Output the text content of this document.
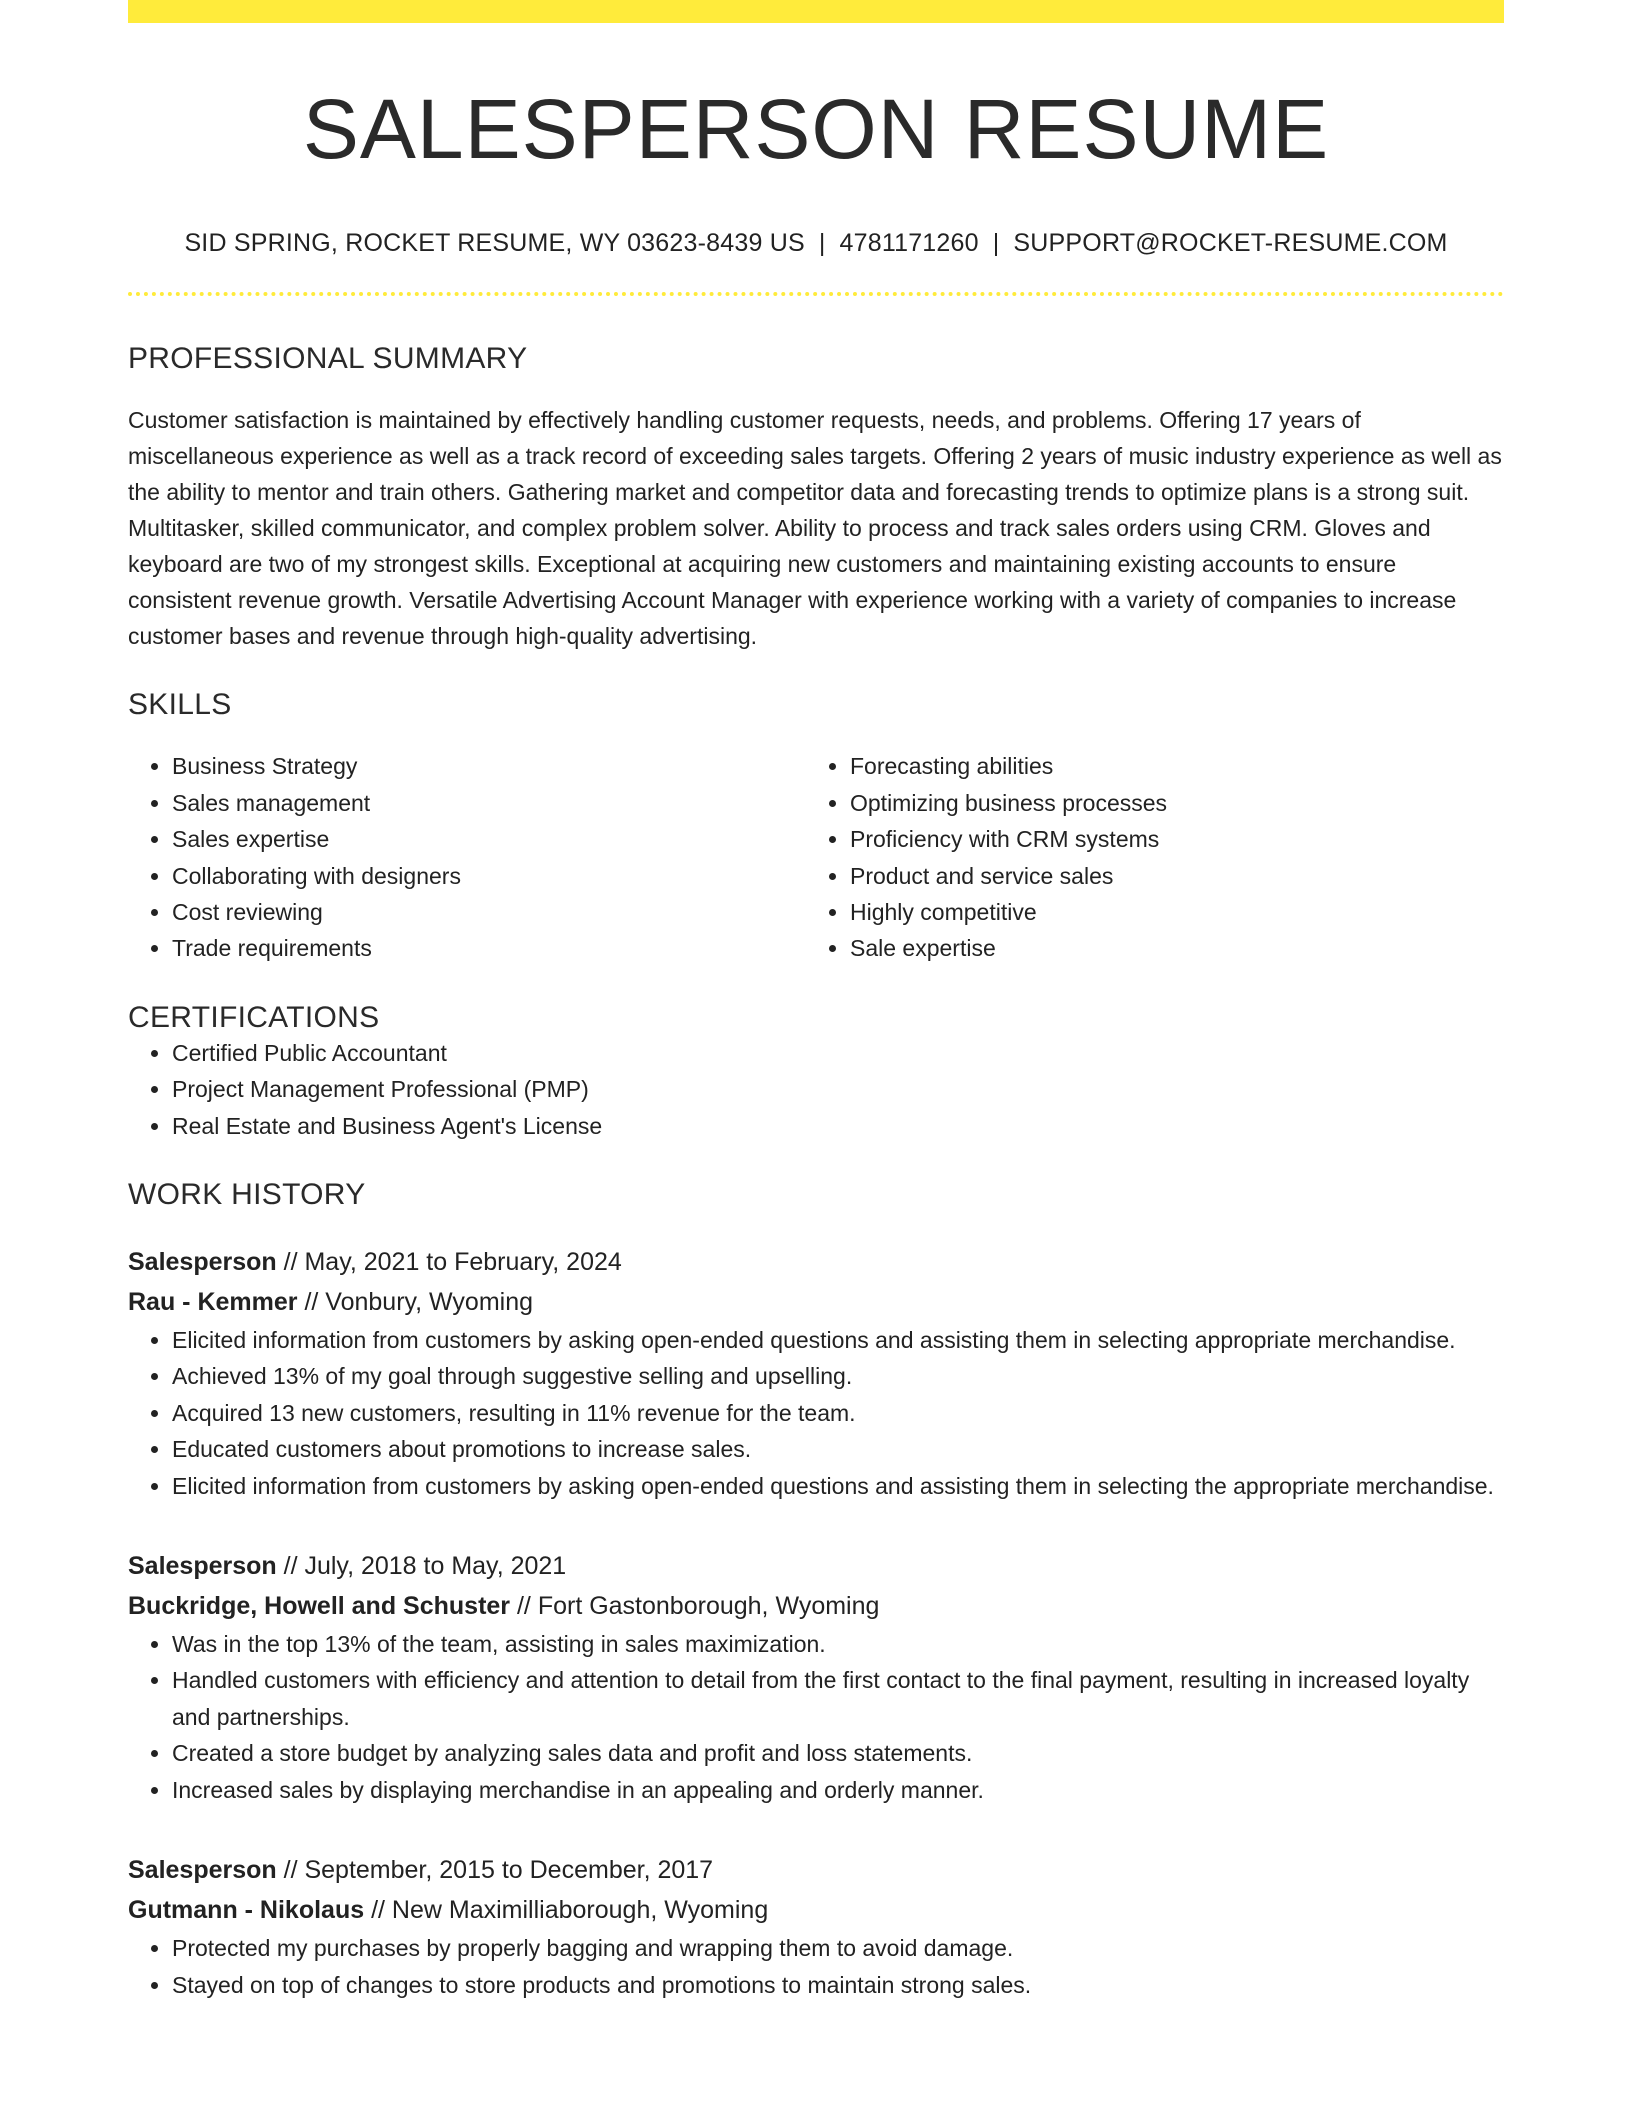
SALESPERSON RESUME
SID SPRING, ROCKET RESUME, WY 03623-8439 US | 4781171260 | SUPPORT@ROCKET-RESUME.COM
PROFESSIONAL SUMMARY

Customer satisfaction is maintained by effectively handling customer requests, needs, and problems. Offering 17 years of miscellaneous experience as well as a track record of exceeding sales targets. Offering 2 years of music industry experience as well as the ability to mentor and train others. Gathering market and competitor data and forecasting trends to optimize plans is a strong suit. Multitasker, skilled communicator, and complex problem solver. Ability to process and track sales orders using CRM. Gloves and keyboard are two of my strongest skills. Exceptional at acquiring new customers and maintaining existing accounts to ensure consistent revenue growth. Versatile Advertising Account Manager with experience working with a variety of companies to increase customer bases and revenue through high-quality advertising.

SKILLS
• Business Strategy
• Sales management
• Sales expertise
• Collaborating with designers
• Cost reviewing
• Trade requirements
• Forecasting abilities
• Optimizing business processes
• Proficiency with CRM systems
• Product and service sales
• Highly competitive
• Sale expertise
CERTIFICATIONS
• Certified Public Accountant
• Project Management Professional (PMP)
• Real Estate and Business Agent's License
WORK HISTORY
Salesperson // May, 2021 to February, 2024
Rau - Kemmer // Vonbury, Wyoming
• Elicited information from customers by asking open-ended questions and assisting them in selecting appropriate merchandise.
• Achieved 13% of my goal through suggestive selling and upselling.
• Acquired 13 new customers, resulting in 11% revenue for the team.
• Educated customers about promotions to increase sales.
• Elicited information from customers by asking open-ended questions and assisting them in selecting the appropriate merchandise.
Salesperson // July, 2018 to May, 2021
Buckridge, Howell and Schuster // Fort Gastonborough, Wyoming
• Was in the top 13% of the team, assisting in sales maximization.
• Handled customers with efficiency and attention to detail from the first contact to the final payment, resulting in increased loyalty and partnerships.
• Created a store budget by analyzing sales data and profit and loss statements.
• Increased sales by displaying merchandise in an appealing and orderly manner.
Salesperson // September, 2015 to December, 2017
Gutmann - Nikolaus // New Maximilliaborough, Wyoming
• Protected my purchases by properly bagging and wrapping them to avoid damage.
• Stayed on top of changes to store products and promotions to maintain strong sales.
